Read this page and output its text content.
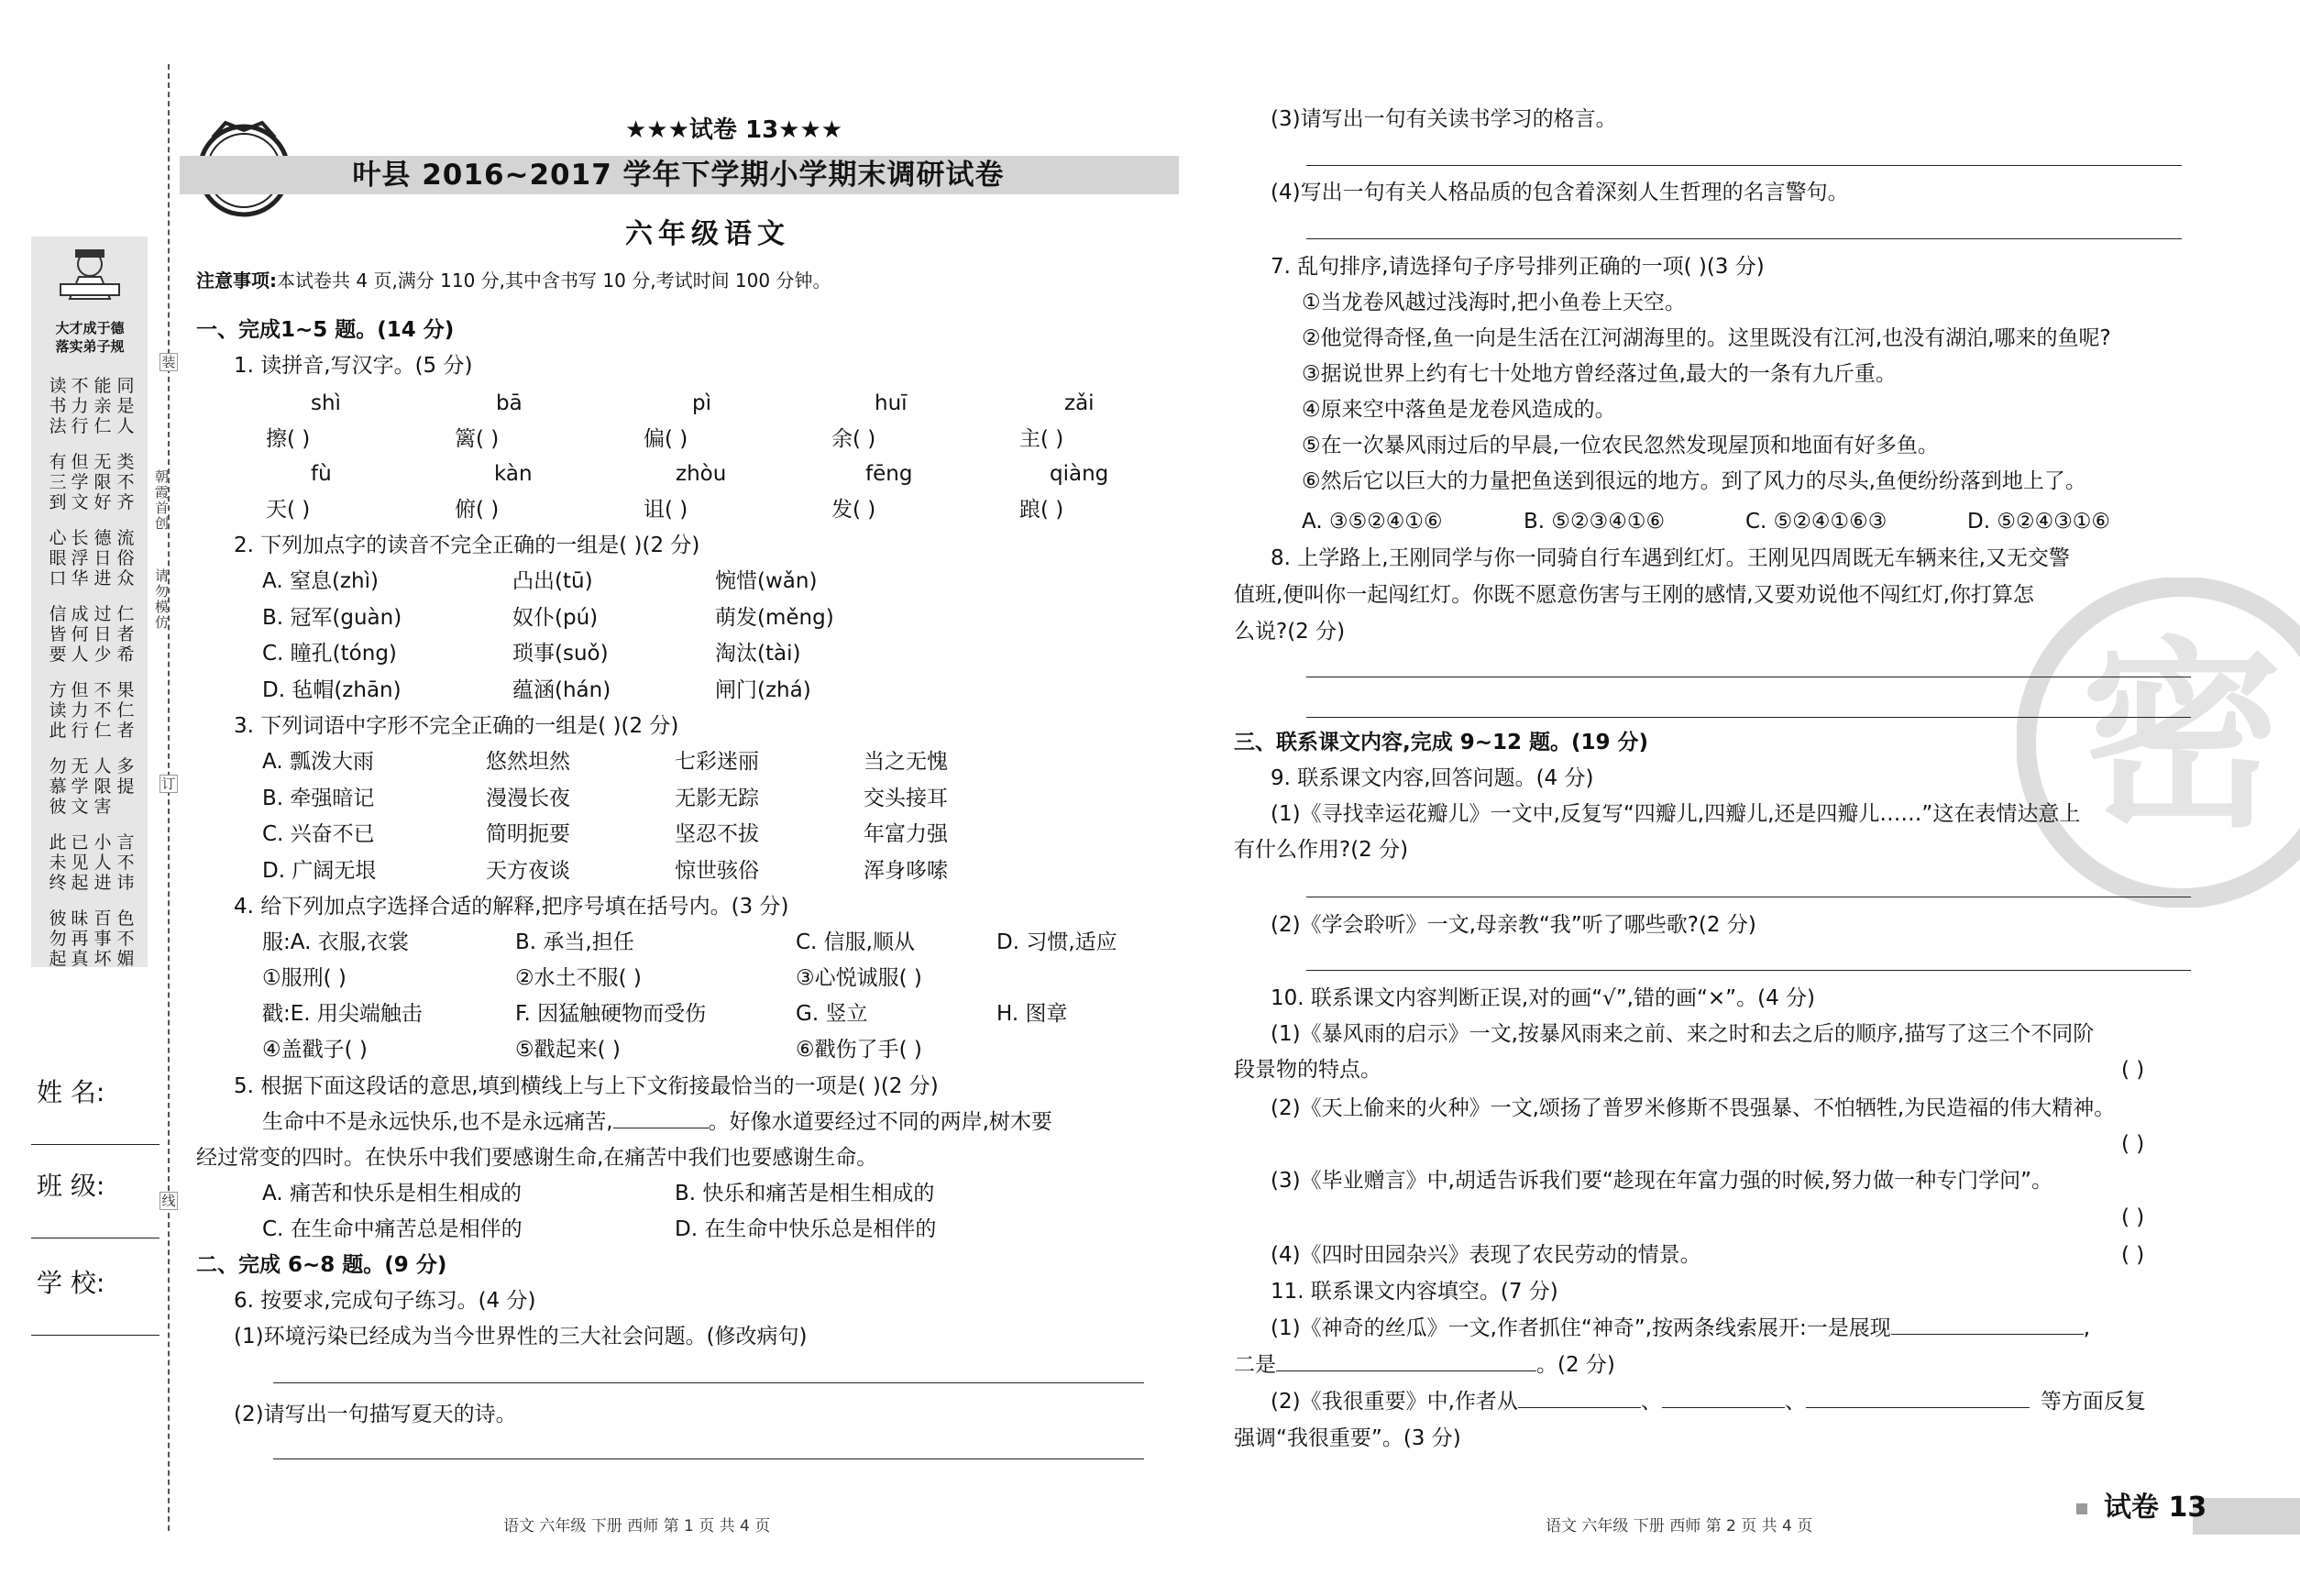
装
订
线
朝霞首创
请勿模仿
大才成于德
落实弟子规
读
书
法
不
力
行
能
亲
仁
同
是
人
有
三
到
但
学
文
无
限
好
类
不
齐
心
眼
口
长
浮
华
德
日
进
流
俗
众
信
皆
要
成
何
人
过
日
少
仁
者
希
方
读
此
但
力
行
不
不
仁
果
仁
者
勿
慕
彼
无
学
文
人
限
害
多
提
此
未
终
已
见
起
小
人
进
言
不
讳
彼
勿
起
昧
再
真
百
事
坏
色
不
媚
姓 名:
班 级:
学 校:
★★★试卷 13★★★
叶县 2016~2017 学年下学期小学期末调研试卷
六年级语文
注意事项:本试卷共 4 页,满分 110 分,其中含书写 10 分,考试时间 100 分钟。
一、完成1~5 题。(14 分)
1. 读拼音,写汉字。(5 分)
shì	bā	pì	huī	zǎi
擦( )	篱( )	偏( )	余( )	主( )
fù	kàn	zhòu	fēng	qiàng
天( )	俯( )	诅( )	发( )	踉( )
2. 下列加点字的读音不完全正确的一组是( )(2 分)
A. 窒息(zhì)	凸出(tū)	惋惜(wǎn)
B. 冠军(guàn)	奴仆(pú)	萌发(měng)
C. 瞳孔(tóng)	琐事(suǒ)	淘汰(tài)
D. 毡帽(zhān)	蕴涵(hán)	闸门(zhá)
3. 下列词语中字形不完全正确的一组是( )(2 分)
A. 瓢泼大雨	悠然坦然	七彩迷丽	当之无愧
B. 牵强暗记	漫漫长夜	无影无踪	交头接耳
C. 兴奋不已	简明扼要	坚忍不拔	年富力强
D. 广阔无垠	天方夜谈	惊世骇俗	浑身哆嗦
4. 给下列加点字选择合适的解释,把序号填在括号内。(3 分)
服:A. 衣服,衣裳	B. 承当,担任	C. 信服,顺从	D. 习惯,适应
①服刑( )	②水土不服( )	③心悦诚服( )
戳:E. 用尖端触击	F. 因猛触硬物而受伤	G. 竖立	H. 图章
④盖戳子( )	⑤戳起来( )	⑥戳伤了手( )
5. 根据下面这段话的意思,填到横线上与上下文衔接最恰当的一项是( )(2 分)
生命中不是永远快乐,也不是永远痛苦,	。好像水道要经过不同的两岸,树木要
经过常变的四时。在快乐中我们要感谢生命,在痛苦中我们也要感谢生命。
A. 痛苦和快乐是相生相成的	B. 快乐和痛苦是相生相成的
C. 在生命中痛苦总是相伴的	D. 在生命中快乐总是相伴的
二、完成 6~8 题。(9 分)
6. 按要求,完成句子练习。(4 分)
(1)环境污染已经成为当今世界性的三大社会问题。(修改病句)
(2)请写出一句描写夏天的诗。
语文 六年级 下册 西师 第 1 页 共 4 页
密
(3)请写出一句有关读书学习的格言。
(4)写出一句有关人格品质的包含着深刻人生哲理的名言警句。
7. 乱句排序,请选择句子序号排列正确的一项( )(3 分)
①当龙卷风越过浅海时,把小鱼卷上天空。
②他觉得奇怪,鱼一向是生活在江河湖海里的。这里既没有江河,也没有湖泊,哪来的鱼呢?
③据说世界上约有七十处地方曾经落过鱼,最大的一条有九斤重。
④原来空中落鱼是龙卷风造成的。
⑤在一次暴风雨过后的早晨,一位农民忽然发现屋顶和地面有好多鱼。
⑥然后它以巨大的力量把鱼送到很远的地方。到了风力的尽头,鱼便纷纷落到地上了。
A. ③⑤②④①⑥	B. ⑤②③④①⑥	C. ⑤②④①⑥③	D. ⑤②④③①⑥
8. 上学路上,王刚同学与你一同骑自行车遇到红灯。王刚见四周既无车辆来往,又无交警
值班,便叫你一起闯红灯。你既不愿意伤害与王刚的感情,又要劝说他不闯红灯,你打算怎
么说?(2 分)
三、联系课文内容,完成 9~12 题。(19 分)
9. 联系课文内容,回答问题。(4 分)
(1)《寻找幸运花瓣儿》一文中,反复写“四瓣儿,四瓣儿,还是四瓣儿……”这在表情达意上
有什么作用?(2 分)
(2)《学会聆听》一文,母亲教“我”听了哪些歌?(2 分)
10. 联系课文内容判断正误,对的画“√”,错的画“×”。(4 分)
(1)《暴风雨的启示》一文,按暴风雨来之前、来之时和去之后的顺序,描写了这三个不同阶
段景物的特点。	( )
(2)《天上偷来的火种》一文,颂扬了普罗米修斯不畏强暴、不怕牺牲,为民造福的伟大精神。
( )
(3)《毕业赠言》中,胡适告诉我们要“趁现在年富力强的时候,努力做一种专门学问”。
( )
(4)《四时田园杂兴》表现了农民劳动的情景。	( )
11. 联系课文内容填空。(7 分)
(1)《神奇的丝瓜》一文,作者抓住“神奇”,按两条线索展开:一是展现	,
二是	。(2 分)
(2)《我很重要》中,作者从	、	、	等方面反复
强调“我很重要”。(3 分)
语文 六年级 下册 西师 第 2 页 共 4 页
试卷 13
